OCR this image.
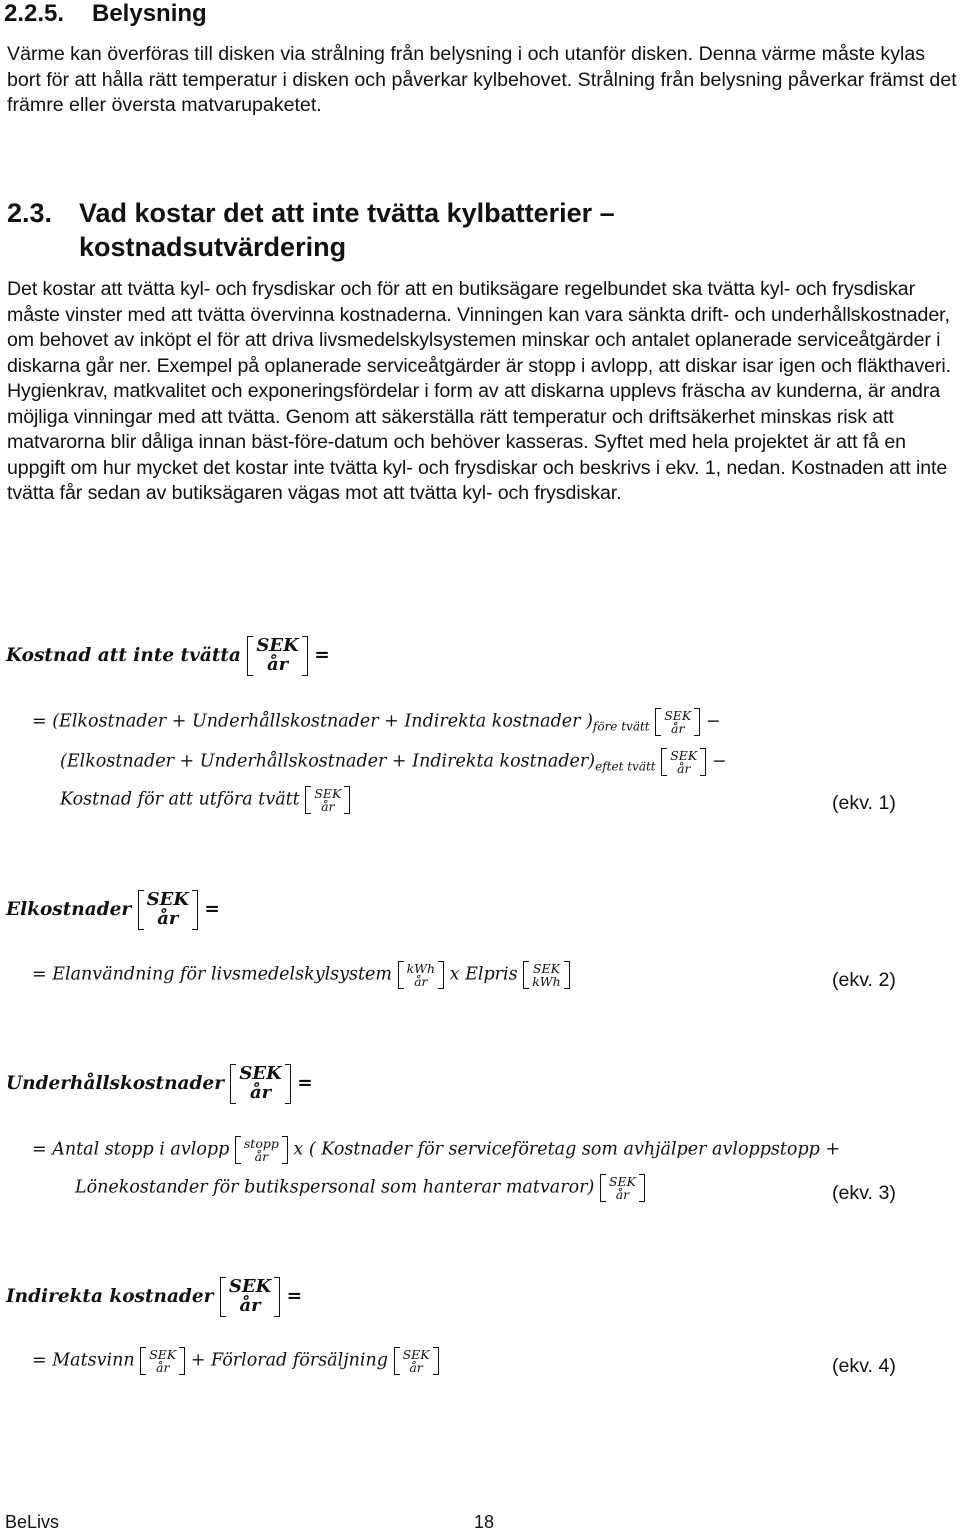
2.2.5. Belysning
Värme kan överföras till disken via strålning från belysning i och utanför disken. Denna värme måste kylas bort för att hålla rätt temperatur i disken och påverkar kylbehovet. Strålning från belysning påverkar främst det främre eller översta matvarupaketet.
2.3. Vad kostar det att inte tvätta kylbatterier –
kostnadsutvärdering
Det kostar att tvätta kyl- och frysdiskar och för att en butiksägare regelbundet ska tvätta kyl- och frysdiskar måste vinster med att tvätta övervinna kostnaderna. Vinningen kan vara sänkta drift- och underhållskostnader, om behovet av inköpt el för att driva livsmedelskylsystemen minskar och antalet oplanerade serviceåtgärder i diskarna går ner. Exempel på oplanerade serviceåtgärder är stopp i avlopp, att diskar isar igen och fläkthaveri. Hygienkrav, matkvalitet och exponeringsfördelar i form av att diskarna upplevs fräscha av kunderna, är andra möjliga vinningar med att tvätta. Genom att säkerställa rätt temperatur och driftsäkerhet minskas risk att matvarorna blir dåliga innan bäst-före-datum och behöver kasseras. Syftet med hela projektet är att få en uppgift om hur mycket det kostar inte tvätta kyl- och frysdiskar och beskrivs i ekv. 1, nedan. Kostnaden att inte tvätta får sedan av butiksägaren vägas mot att tvätta kyl- och frysdiskar.
Kostnad att inte tvätta SEK
år =
= (Elkostnader + Underhållskostnader + Indirekta kostnader )$_{före tvätt}$
SEK
år −
(Elkostnader + Underhållskostnader + Indirekta $kostnader)_{eftet tvätt}$
SEK
år −
Kostnad för att utföra tvätt SEK
år	(ekv. 1)
Elkostnader SEK
år =
= Elanvändning för livsmedelskylsystem kWh
år x Elpris SEK
kWh	(ekv. 2)
Underhållskostnader SEK
år =
= Antal stopp i avlopp stopp
år x ( Kostnader för serviceföretag som avhjälper avloppstopp +
Lönekostander för butikspersonal som hanterar matvaror) SEK
år	(ekv. 3)
Indirekta kostnader SEK
år =
= Matsvinn SEK
år + Förlorad försäljning SEK
år	(ekv. 4)
BeLivs	18
